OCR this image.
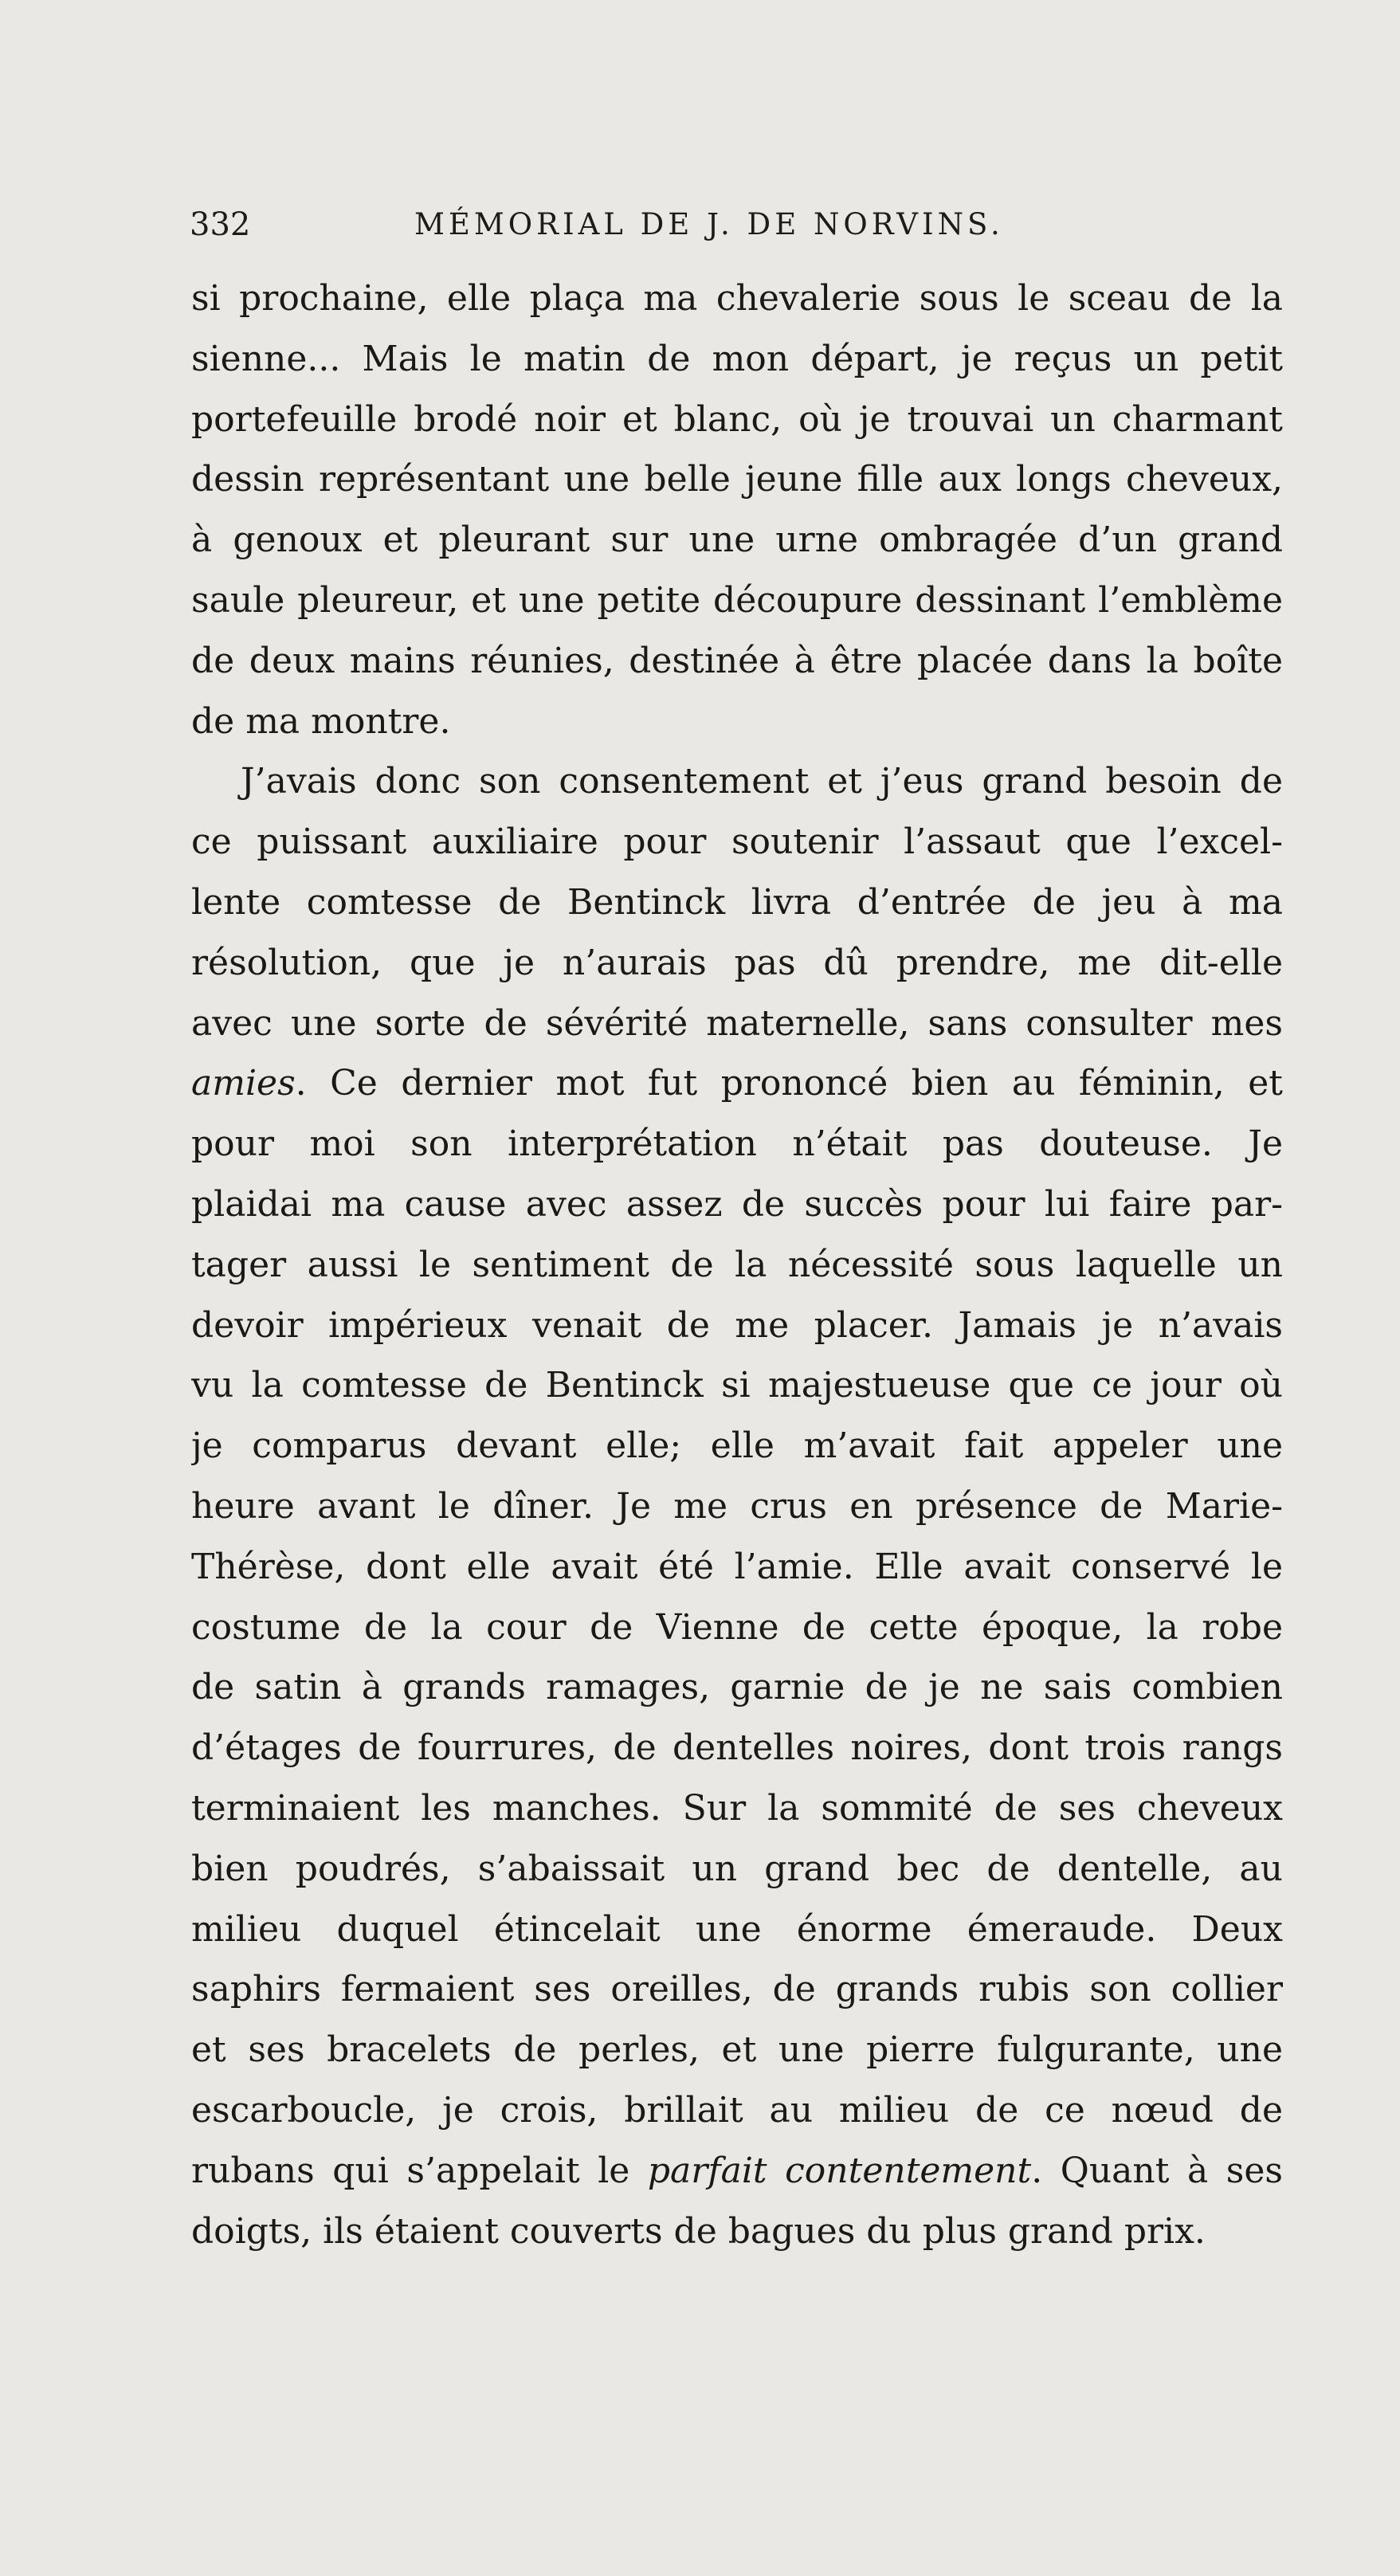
332	MÉMORIAL DE J. DE NORVINS.
si prochaine, elle plaça ma chevalerie sous le sceau de la
sienne... Mais le matin de mon départ, je reçus un petit
portefeuille brodé noir et blanc, où je trouvai un charmant
dessin représentant une belle jeune fille aux longs cheveux,
à genoux et pleurant sur une urne ombragée d’un grand
saule pleureur, et une petite découpure dessinant l’emblème
de deux mains réunies, destinée à être placée dans la boîte
de ma montre.
J’avais donc son consentement et j’eus grand besoin de
ce puissant auxiliaire pour soutenir l’assaut que l’excel-
lente comtesse de Bentinck livra d’entrée de jeu à ma
résolution, que je n’aurais pas dû prendre, me dit-elle
avec une sorte de sévérité maternelle, sans consulter mes
amies. Ce dernier mot fut prononcé bien au féminin, et
pour moi son interprétation n’était pas douteuse. Je
plaidai ma cause avec assez de succès pour lui faire par-
tager aussi le sentiment de la nécessité sous laquelle un
devoir impérieux venait de me placer. Jamais je n’avais
vu la comtesse de Bentinck si majestueuse que ce jour où
je comparus devant elle; elle m’avait fait appeler une
heure avant le dîner. Je me crus en présence de Marie-
Thérèse, dont elle avait été l’amie. Elle avait conservé le
costume de la cour de Vienne de cette époque, la robe
de satin à grands ramages, garnie de je ne sais combien
d’étages de fourrures, de dentelles noires, dont trois rangs
terminaient les manches. Sur la sommité de ses cheveux
bien poudrés, s’abaissait un grand bec de dentelle, au
milieu duquel étincelait une énorme émeraude. Deux
saphirs fermaient ses oreilles, de grands rubis son collier
et ses bracelets de perles, et une pierre fulgurante, une
escarboucle, je crois, brillait au milieu de ce nœud de
rubans qui s’appelait le parfait contentement. Quant à ses
doigts, ils étaient couverts de bagues du plus grand prix.
